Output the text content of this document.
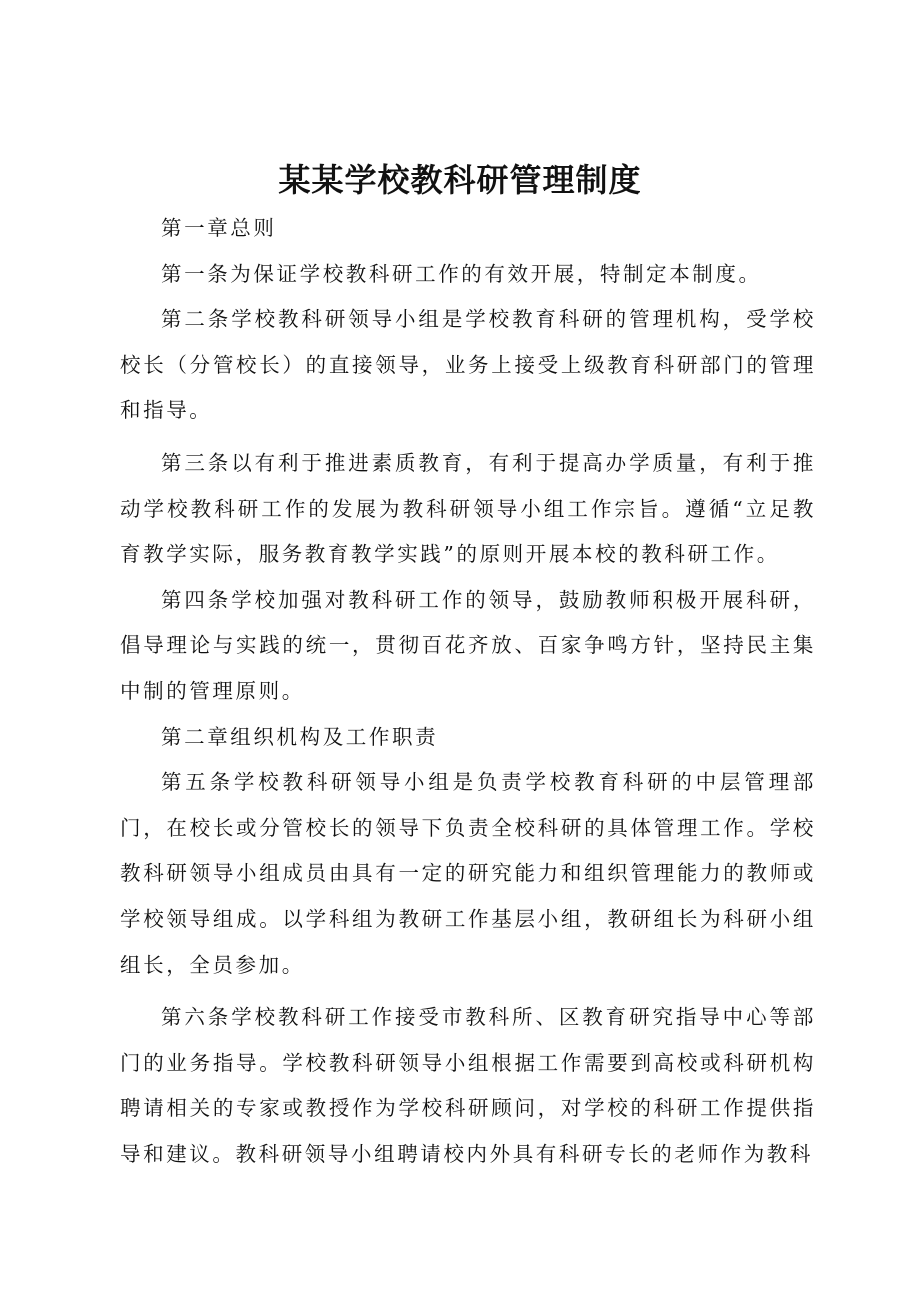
某某学校教科研管理制度

第一章总则

第一条为保证学校教科研工作的有效开展，特制定本制度。

第二条学校教科研领导小组是学校教育科研的管理机构，受学校校长（分管校长）的直接领导，业务上接受上级教育科研部门的管理和指导。

第三条以有利于推进素质教育，有利于提高办学质量，有利于推动学校教科研工作的发展为教科研领导小组工作宗旨。遵循“立足教育教学实际，服务教育教学实践”的原则开展本校的教科研工作。

第四条学校加强对教科研工作的领导，鼓励教师积极开展科研，倡导理论与实践的统一，贯彻百花齐放、百家争鸣方针，坚持民主集中制的管理原则。

第二章组织机构及工作职责

第五条学校教科研领导小组是负责学校教育科研的中层管理部门，在校长或分管校长的领导下负责全校科研的具体管理工作。学校教科研领导小组成员由具有一定的研究能力和组织管理能力的教师或学校领导组成。以学科组为教研工作基层小组，教研组长为科研小组组长，全员参加。

第六条学校教科研工作接受市教科所、区教育研究指导中心等部门的业务指导。学校教科研领导小组根据工作需要到高校或科研机构聘请相关的专家或教授作为学校科研顾问，对学校的科研工作提供指导和建议。教科研领导小组聘请校内外具有科研专长的老师作为教科
